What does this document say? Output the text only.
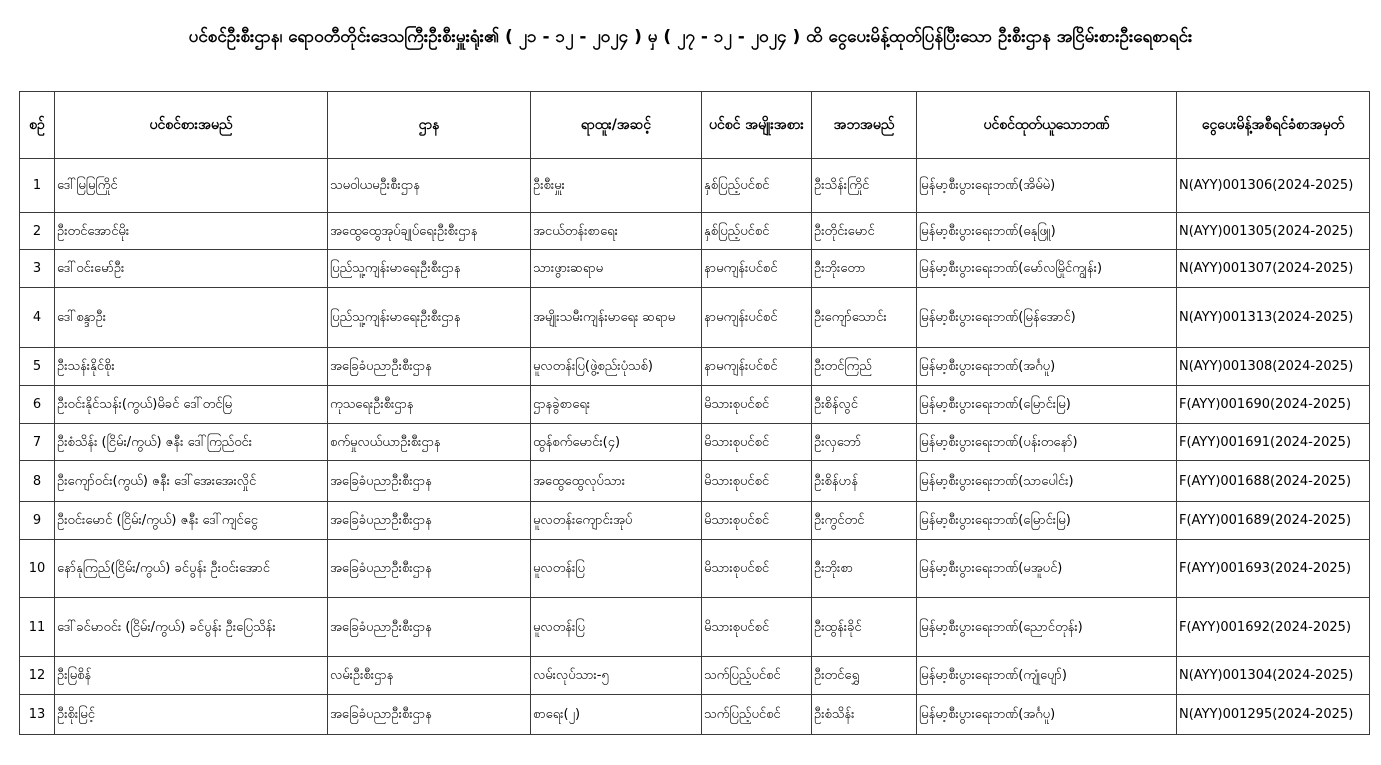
ပင်စင်ဦးစီးဌာန၊ ရောဝတီတိုင်းဒေသကြီးဦးစီးမှူးရုံး၏ ( ၂၁ - ၁၂ - ၂၀၂၄ ) မှ ( ၂၇ - ၁၂ - ၂၀၂၄ ) ထိ ငွေပေးမိန့်ထုတ်ပြန်ပြီးသော ဦးစီးဌာန အငြိမ်းစားဦးရေစာရင်း
စဉ်	ပင်စင်စားအမည်	ဌာန	ရာထူး/အဆင့်	ပင်စင် အမျိုးအစား	အဘအမည်	ပင်စင်ထုတ်ယူသောဘဏ်	ငွေပေးမိန့်အစီရင်ခံစာအမှတ်
1	ဒေါ်မြမြကြိုင်	သမဝါယမဦးစီးဌာန	ဦးစီးမှူး	နှစ်ပြည့်ပင်စင်	ဦးသိန်းကြိုင်	မြန်မာ့စီးပွားရေးဘဏ်(အိမ်မဲ)	N(AYY)001306(2024-2025)
2	ဦးတင်အောင်မိုး	အထွေထွေအုပ်ချုပ်ရေးဦးစီးဌာန	အငယ်တန်းစာရေး	နှစ်ပြည့်ပင်စင်	ဦးတိုင်းမောင်	မြန်မာ့စီးပွားရေးဘဏ်(ဓနုဖြူ)	N(AYY)001305(2024-2025)
3	ဒေါ်ဝင်းမော်ဦး	ပြည်သူ့ကျန်းမာရေးဦးစီးဌာန	သားဖွားဆရာမ	နာမကျန်းပင်စင်	ဦးဘိုးတော	မြန်မာ့စီးပွားရေးဘဏ်(မော်လမြိုင်ကျွန်း)	N(AYY)001307(2024-2025)
4	ဒေါ်စန္ဒာဦး	ပြည်သူ့ကျန်းမာရေးဦးစီးဌာန	အမျိုးသမီးကျန်းမာရေး ဆရာမ	နာမကျန်းပင်စင်	ဦးကျော်သောင်း	မြန်မာ့စီးပွားရေးဘဏ်(မြန်အောင်)	N(AYY)001313(2024-2025)
5	ဦးသန်းနိုင်စိုး	အခြေခံပညာဦးစီးဌာန	မူလတန်းပြ(ဖွဲ့စည်းပုံသစ်)	နာမကျန်းပင်စင်	ဦးတင်ကြည်	မြန်မာ့စီးပွားရေးဘဏ်(အင်္ဂပူ)	N(AYY)001308(2024-2025)
6	ဦးဝင်းနိုင်သန်း(ကွယ်)မိခင် ဒေါ်တင်မြ	ကုသရေးဦးစီးဌာန	ဌာနခွဲစာရေး	မိသားစုပင်စင်	ဦးစိန်လွင်	မြန်မာ့စီးပွားရေးဘဏ်(မြောင်းမြ)	F(AYY)001690(2024-2025)
7	ဦးစံသိန်း (ငြိမ်း/ကွယ်) ဇနီး ဒေါ်ကြည်ဝင်း	စက်မှုလယ်ယာဦးစီးဌာန	ထွန်စက်မောင်း(၄)	မိသားစုပင်စင်	ဦးလှဘော်	မြန်မာ့စီးပွားရေးဘဏ်(ပန်းတနော်)	F(AYY)001691(2024-2025)
8	ဦးကျော်ဝင်း(ကွယ်) ဇနီး ဒေါ်အေးအေးလှိုင်	အခြေခံပညာဦးစီးဌာန	အထွေထွေလုပ်သား	မိသားစုပင်စင်	ဦးစိန်ဟန်	မြန်မာ့စီးပွားရေးဘဏ်(သာပေါင်း)	F(AYY)001688(2024-2025)
9	ဦးဝင်းမောင် (ငြိမ်း/ကွယ်) ဇနီး ဒေါ်ကျင်ငွေ	အခြေခံပညာဦးစီးဌာန	မူလတန်းကျောင်းအုပ်	မိသားစုပင်စင်	ဦးကွင်တင်	မြန်မာ့စီးပွားရေးဘဏ်(မြောင်းမြ)	F(AYY)001689(2024-2025)
10	နော်နုကြည်(ငြိမ်း/ကွယ်) ခင်ပွန်း ဦးဝင်းအောင်	အခြေခံပညာဦးစီးဌာန	မူလတန်းပြ	မိသားစုပင်စင်	ဦးဘိုးစာ	မြန်မာ့စီးပွားရေးဘဏ်(မအူပင်)	F(AYY)001693(2024-2025)
11	ဒေါ်ခင်မာဝင်း (ငြိမ်း/ကွယ်) ခင်ပွန်း ဦးပြေသိန်း	အခြေခံပညာဦးစီးဌာန	မူလတန်းပြ	မိသားစုပင်စင်	ဦးထွန်းခိုင်	မြန်မာ့စီးပွားရေးဘဏ်(ညောင်တုန်း)	F(AYY)001692(2024-2025)
12	ဦးမြစိန်	လမ်းဦးစီးဌာန	လမ်းလုပ်သား-၅	သက်ပြည့်ပင်စင်	ဦးတင်ရွှေ	မြန်မာ့စီးပွားရေးဘဏ်(ကျုံပျော်)	N(AYY)001304(2024-2025)
13	ဦးစိုးမြင့်	အခြေခံပညာဦးစီးဌာန	စာရေး(၂)	သက်ပြည့်ပင်စင်	ဦးစံသိန်း	မြန်မာ့စီးပွားရေးဘဏ်(အင်္ဂပူ)	N(AYY)001295(2024-2025)
